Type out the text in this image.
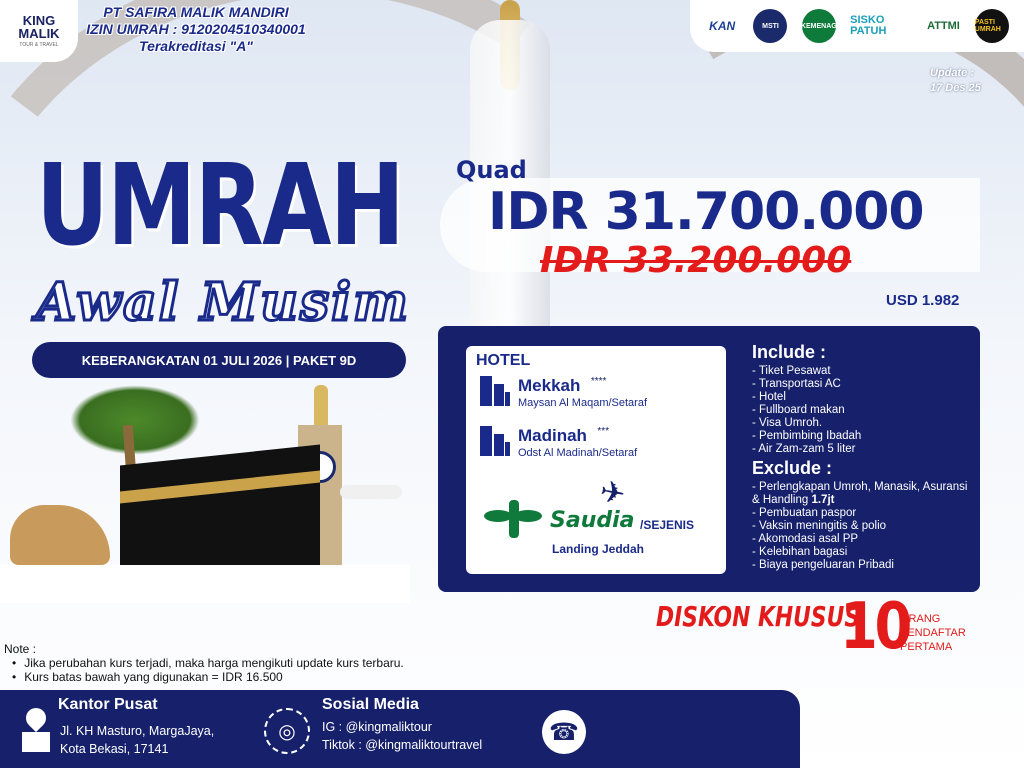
KING MALIK
TOUR & TRAVEL
PT SAFIRA MALIK MANDIRI
IZIN UMRAH : 9120204510340001
Terakreditasi "A"
KAN	MSTI	KEMENAG SISKO PATUH	ATTMI PASTI UMRAH
Update :
17 Des 25
UMRAH
Awal Musim
KEBERANGKATAN 01 JULI 2026 | PAKET 9D
Quad
IDR 31.700.000
IDR 33.200.000
USD 1.982
HOTEL
Mekkah ****
Maysan Al Maqam/Setaraf
Madinah ***
Odst Al Madinah/Setaraf
✈
Saudia /SEJENIS
Landing Jeddah
Include :
- Tiket Pesawat
- Transportasi AC
- Hotel
- Fullboard makan
- Visa Umroh.
- Pembimbing Ibadah
- Air Zam-zam 5 liter
Exclude :
- Perlengkapan Umroh, Manasik, Asuransi & Handling 1.7jt
- Pembuatan paspor
- Vaksin meningitis & polio
- Akomodasi asal PP
- Kelebihan bagasi
- Biaya pengeluaran Pribadi
DISKON KHUSUS
10
ORANG
PENDAFTAR
PERTAMA
Note :
• Jika perubahan kurs terjadi, maka harga mengikuti update kurs terbaru.
• Kurs batas bawah yang digunakan = IDR 16.500
Kantor Pusat
Jl. KH Masturo, MargaJaya,
Kota Bekasi, 17141
◎
Sosial Media
IG : @kingmaliktour
Tiktok : @kingmaliktourtravel	☎
